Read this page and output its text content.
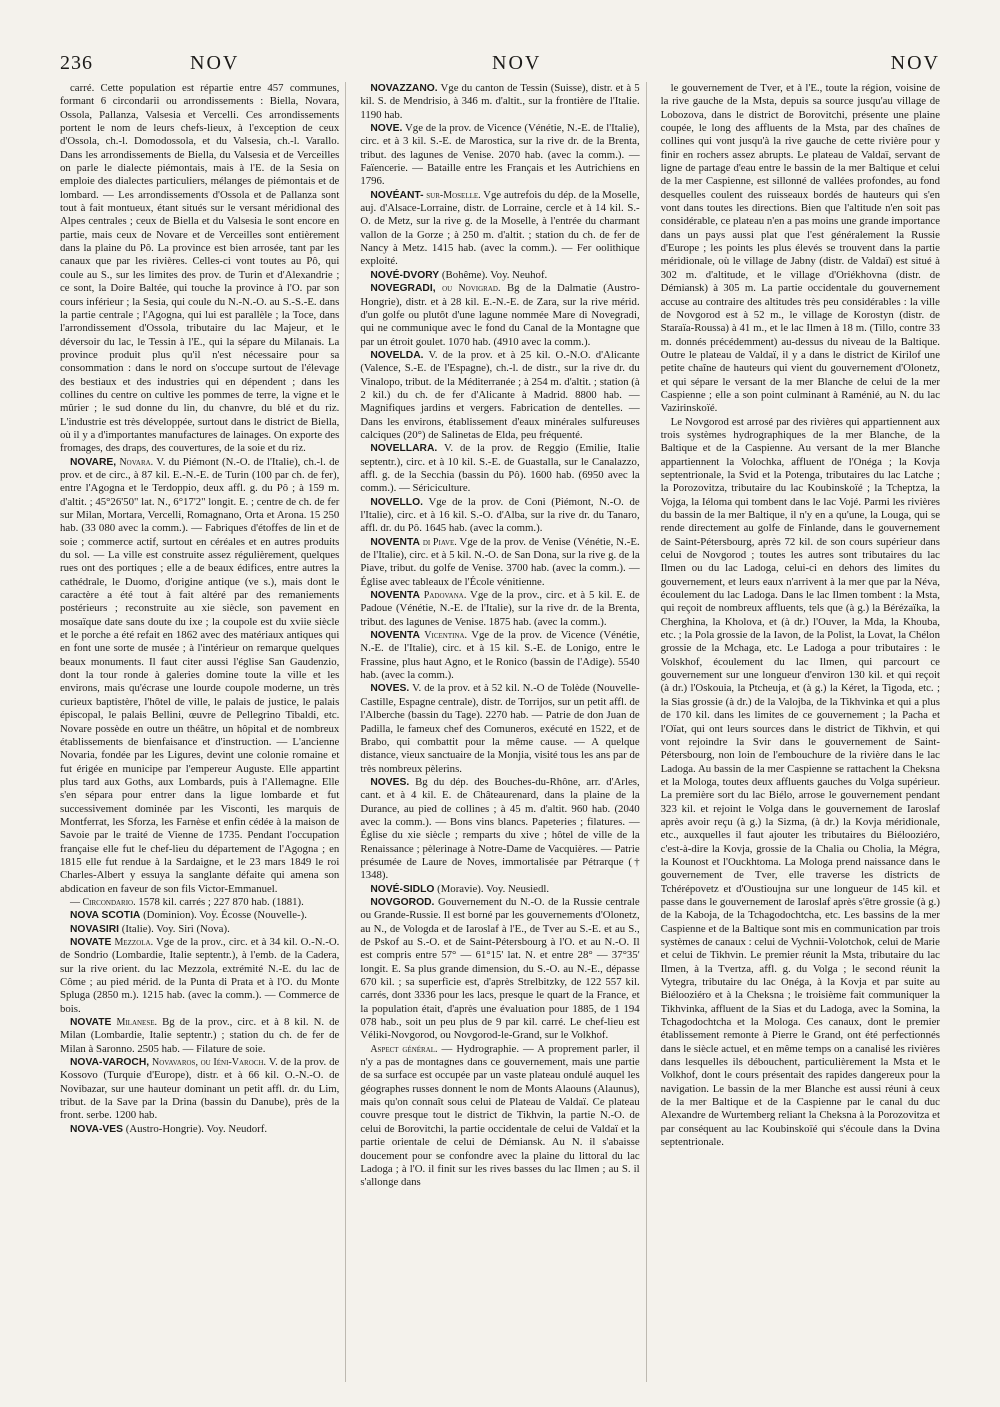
236	NOV	NOV	NOV

carré. Cette population est répartie entre 457 communes, formant 6 circondarii ou arrondissements : Biella, Novara, Ossola, Pallanza, Valsesia et Vercelli. Ces arrondissements portent le nom de leurs chefs-lieux, à l'exception de ceux d'Ossola, ch.-l. Domodossola, et du Valsesia, ch.-l. Varallo. Dans les arrondissements de Biella, du Valsesia et de Verceilles on parle le dialecte piémontais, mais à l'E. de la Sesia on emploie des dialectes particuliers, mélanges de piémontais et de lombard. — Les arrondissements d'Ossola et de Pallanza sont tout à fait montueux, étant situés sur le versant méridional des Alpes centrales ; ceux de Biella et du Valsesia le sont encore en partie, mais ceux de Novare et de Verceilles sont entièrement dans la plaine du Pô. La province est bien arrosée, tant par les canaux que par les rivières. Celles-ci vont toutes au Pô, qui coule au S., sur les limites des prov. de Turin et d'Alexandrie ; ce sont, la Doire Baltée, qui touche la province à l'O. par son cours inférieur ; la Sesia, qui coule du N.-N.-O. au S.-S.-E. dans la partie centrale ; l'Agogna, qui lui est parallèle ; la Toce, dans l'arrondissement d'Ossola, tributaire du lac Majeur, et le déversoir du lac, le Tessin à l'E., qui la sépare du Milanais. La province produit plus qu'il n'est nécessaire pour sa consommation : dans le nord on s'occupe surtout de l'élevage des bestiaux et des industries qui en dépendent ; dans les collines du centre on cultive les pommes de terre, la vigne et le mûrier ; le sud donne du lin, du chanvre, du blé et du riz. L'industrie est très développée, surtout dans le district de Biella, où il y a d'importantes manufactures de lainages. On exporte des fromages, des draps, des couvertures, de la soie et du riz.

NOVARE, Novara. V. du Piémont (N.-O. de l'Italie), ch.-l. de prov. et de circ., à 87 kil. E.-N.-E. de Turin (100 par ch. de fer), entre l'Agogna et le Terdoppio, deux affl. g. du Pô ; à 159 m. d'altit. ; 45°26'50" lat. N., 6°17'2" longit. E. ; centre de ch. de fer sur Milan, Mortara, Vercelli, Romagnano, Orta et Arona. 15 250 hab. (33 080 avec la comm.). — Fabriques d'étoffes de lin et de soie ; commerce actif, surtout en céréales et en autres produits du sol. — La ville est construite assez régulièrement, quelques rues ont des portiques ; elle a de beaux édifices, entre autres la cathédrale, le Duomo, d'origine antique (ve s.), mais dont le caractère a été tout à fait altéré par des remaniements postérieurs ; reconstruite au xie siècle, son pavement en mosaïque date sans doute du ixe ; la coupole est du xviie siècle et le porche a été refait en 1862 avec des matériaux antiques qui en font une sorte de musée ; à l'intérieur on remarque quelques beaux monuments. Il faut citer aussi l'église San Gaudenzio, dont la tour ronde à galeries domine toute la ville et les environs, mais qu'écrase une lourde coupole moderne, un très curieux baptistère, l'hôtel de ville, le palais de justice, le palais épiscopal, le palais Bellini, œuvre de Pellegrino Tibaldi, etc. Novare possède en outre un théâtre, un hôpital et de nombreux établissements de bienfaisance et d'instruction. — L'ancienne Novaria, fondée par les Ligures, devint une colonie romaine et fut érigée en municipe par l'empereur Auguste. Elle appartint plus tard aux Goths, aux Lombards, puis à l'Allemagne. Elle s'en sépara pour entrer dans la ligue lombarde et fut successivement dominée par les Visconti, les marquis de Montferrat, les Sforza, les Farnèse et enfin cédée à la maison de Savoie par le traité de Vienne de 1735. Pendant l'occupation française elle fut le chef-lieu du département de l'Agogna ; en 1815 elle fut rendue à la Sardaigne, et le 23 mars 1849 le roi Charles-Albert y essuya la sanglante défaite qui amena son abdication en faveur de son fils Victor-Emmanuel.

— Circondario. 1578 kil. carrés ; 227 870 hab. (1881).

NOVA SCOTIA (Dominion). Voy. Écosse (Nouvelle-).

NOVASIRI (Italie). Voy. Siri (Nova).

NOVATE Mezzola. Vge de la prov., circ. et à 34 kil. O.-N.-O. de Sondrio (Lombardie, Italie septentr.), à l'emb. de la Cadera, sur la rive orient. du lac Mezzola, extrémité N.-E. du lac de Côme ; au pied mérid. de la Punta di Prata et à l'O. du Monte Spluga (2850 m.). 1215 hab. (avec la comm.). — Commerce de bois.

NOVATE Milanese. Bg de la prov., circ. et à 8 kil. N. de Milan (Lombardie, Italie septentr.) ; station du ch. de fer de Milan à Saronno. 2505 hab. — Filature de soie.

NOVA-VAROCH, Novavaros, ou Iéni-Varoch. V. de la prov. de Kossovo (Turquie d'Europe), distr. et à 66 kil. O.-N.-O. de Novibazar, sur une hauteur dominant un petit affl. dr. du Lim, tribut. de la Save par la Drina (bassin du Danube), près de la front. serbe. 1200 hab.

NOVA-VES (Austro-Hongrie). Voy. Neudorf.

NOVAZZANO. Vge du canton de Tessin (Suisse), distr. et à 5 kil. S. de Mendrisio, à 346 m. d'altit., sur la frontière de l'Italie. 1190 hab.

NOVE. Vge de la prov. de Vicence (Vénétie, N.-E. de l'Italie), circ. et à 3 kil. S.-E. de Marostica, sur la rive dr. de la Brenta, tribut. des lagunes de Venise. 2070 hab. (avec la comm.). — Faïencerie. — Bataille entre les Français et les Autrichiens en 1796.

NOVÉANT- sur-Moselle. Vge autrefois du dép. de la Moselle, auj. d'Alsace-Lorraine, distr. de Lorraine, cercle et à 14 kil. S.-O. de Metz, sur la rive g. de la Moselle, à l'entrée du charmant vallon de la Gorze ; à 250 m. d'altit. ; station du ch. de fer de Nancy à Metz. 1415 hab. (avec la comm.). — Fer oolithique exploité.

NOVÉ-DVORY (Bohême). Voy. Neuhof.

NOVEGRADI, ou Novigrad. Bg de la Dalmatie (Austro-Hongrie), distr. et à 28 kil. E.-N.-E. de Zara, sur la rive mérid. d'un golfe ou plutôt d'une lagune nommée Mare di Novegradi, qui ne communique avec le fond du Canal de la Montagne que par un étroit goulet. 1070 hab. (4910 avec la comm.).

NOVELDA. V. de la prov. et à 25 kil. O.-N.O. d'Alicante (Valence, S.-E. de l'Espagne), ch.-l. de distr., sur la rive dr. du Vinalopo, tribut. de la Méditerranée ; à 254 m. d'altit. ; station (à 2 kil.) du ch. de fer d'Alicante à Madrid. 8800 hab. — Magnifiques jardins et vergers. Fabrication de dentelles. — Dans les environs, établissement d'eaux minérales sulfureuses calciques (20°) de Salinetas de Elda, peu fréquenté.

NOVELLARA. V. de la prov. de Reggio (Emilie, Italie septentr.), circ. et à 10 kil. S.-E. de Guastalla, sur le Canalazzo, affl. g. de la Secchia (bassin du Pô). 1600 hab. (6950 avec la comm.). — Sériciculture.

NOVELLO. Vge de la prov. de Coni (Piémont, N.-O. de l'Italie), circ. et à 16 kil. S.-O. d'Alba, sur la rive dr. du Tanaro, affl. dr. du Pô. 1645 hab. (avec la comm.).

NOVENTA di Piave. Vge de la prov. de Venise (Vénétie, N.-E. de l'Italie), circ. et à 5 kil. N.-O. de San Dona, sur la rive g. de la Piave, tribut. du golfe de Venise. 3700 hab. (avec la comm.). — Église avec tableaux de l'École vénitienne.

NOVENTA Padovana. Vge de la prov., circ. et à 5 kil. E. de Padoue (Vénétie, N.-E. de l'Italie), sur la rive dr. de la Brenta, tribut. des lagunes de Venise. 1875 hab. (avec la comm.).

NOVENTA Vicentina. Vge de la prov. de Vicence (Vénétie, N.-E. de l'Italie), circ. et à 15 kil. S.-E. de Lonigo, entre le Frassine, plus haut Agno, et le Ronico (bassin de l'Adige). 5540 hab. (avec la comm.).

NOVES. V. de la prov. et à 52 kil. N.-O de Tolède (Nouvelle-Castille, Espagne centrale), distr. de Torrijos, sur un petit affl. de l'Alberche (bassin du Tage). 2270 hab. — Patrie de don Juan de Padilla, le fameux chef des Comuneros, exécuté en 1522, et de Brabo, qui combattit pour la même cause. — A quelque distance, vieux sanctuaire de la Monjia, visité tous les ans par de très nombreux pèlerins.

NOVES. Bg du dép. des Bouches-du-Rhône, arr. d'Arles, cant. et à 4 kil. E. de Châteaurenard, dans la plaine de la Durance, au pied de collines ; à 45 m. d'altit. 960 hab. (2040 avec la comm.). — Bons vins blancs. Papeteries ; filatures. — Église du xie siècle ; remparts du xive ; hôtel de ville de la Renaissance ; pèlerinage à Notre-Dame de Vacquières. — Patrie présumée de Laure de Noves, immortalisée par Pétrarque († 1348).

NOVÉ-SIDLO (Moravie). Voy. Neusiedl.

NOVGOROD. Gouvernement du N.-O. de la Russie centrale ou Grande-Russie. Il est borné par les gouvernements d'Olonetz, au N., de Vologda et de Iaroslaf à l'E., de Tver au S.-E. et au S., de Pskof au S.-O. et de Saint-Pétersbourg à l'O. et au N.-O. Il est compris entre 57° — 61°15' lat. N. et entre 28° — 37°35' longit. E. Sa plus grande dimension, du S.-O. au N.-E., dépasse 670 kil. ; sa superficie est, d'après Strelbitzky, de 122 557 kil. carrés, dont 3336 pour les lacs, presque le quart de la France, et la population était, d'après une évaluation pour 1885, de 1 194 078 hab., soit un peu plus de 9 par kil. carré. Le chef-lieu est Véliki-Novgorod, ou Novgorod-le-Grand, sur le Volkhof.

Aspect général. — Hydrographie. — A proprement parler, il n'y a pas de montagnes dans ce gouvernement, mais une partie de sa surface est occupée par un vaste plateau ondulé auquel les géographes russes donnent le nom de Monts Alaouns (Alaunus), mais qu'on connaît sous celui de Plateau de Valdaï. Ce plateau couvre presque tout le district de Tikhvin, la partie N.-O. de celui de Borovitchi, la partie occidentale de celui de Valdaï et la partie orientale de celui de Démiansk. Au N. il s'abaisse doucement pour se confondre avec la plaine du littoral du lac Ladoga ; à l'O. il finit sur les rives basses du lac Ilmen ; au S. il s'allonge dans

le gouvernement de Tver, et à l'E., toute la région, voisine de la rive gauche de la Msta, depuis sa source jusqu'au village de Lobozova, dans le district de Borovitchi, présente une plaine coupée, le long des affluents de la Msta, par des chaînes de collines qui vont jusqu'à la rive gauche de cette rivière pour y finir en rochers assez abrupts. Le plateau de Valdaï, servant de ligne de partage d'eau entre le bassin de la mer Baltique et celui de la mer Caspienne, est sillonné de vallées profondes, au fond desquelles coulent des ruisseaux bordés de hauteurs qui s'en vont dans toutes les directions. Bien que l'altitude n'en soit pas considérable, ce plateau n'en a pas moins une grande importance dans un pays aussi plat que l'est généralement la Russie d'Europe ; les points les plus élevés se trouvent dans la partie méridionale, où le village de Jabny (distr. de Valdaï) est situé à 302 m. d'altitude, et le village d'Oriékhovna (distr. de Démiansk) à 305 m. La partie occidentale du gouvernement accuse au contraire des altitudes très peu considérables : la ville de Novgorod est à 52 m., le village de Korostyn (distr. de Staraïa-Roussa) à 41 m., et le lac Ilmen à 18 m. (Tillo, contre 33 m. donnés précédemment) au-dessus du niveau de la Baltique. Outre le plateau de Valdaï, il y a dans le district de Kirilof une petite chaîne de hauteurs qui vient du gouvernement d'Olonetz, et qui sépare le versant de la mer Blanche de celui de la mer Caspienne ; elle a son point culminant à Raménié, au N. du lac Vazirinskoïé.

Le Novgorod est arrosé par des rivières qui appartiennent aux trois systèmes hydrographiques de la mer Blanche, de la Baltique et de la Caspienne. Au versant de la mer Blanche appartiennent la Volochka, affluent de l'Onéga ; la Kovja septentrionale, la Svid et la Potenga, tributaires du lac Latche ; la Porozovitza, tributaire du lac Koubinskoïé ; la Tcheptza, la Vojga, la Iéloma qui tombent dans le lac Vojé. Parmi les rivières du bassin de la mer Baltique, il n'y en a qu'une, la Louga, qui se rende directement au golfe de Finlande, dans le gouvernement de Saint-Pétersbourg, après 72 kil. de son cours supérieur dans celui de Novgorod ; toutes les autres sont tributaires du lac Ilmen ou du lac Ladoga, celui-ci en dehors des limites du gouvernement, et leurs eaux n'arrivent à la mer que par la Néva, écoulement du lac Ladoga. Dans le lac Ilmen tombent : la Msta, qui reçoit de nombreux affluents, tels que (à g.) la Bérézaïka, la Cherghina, la Kholova, et (à dr.) l'Ouver, la Mda, la Khouba, etc. ; la Pola grossie de la Iavon, de la Polist, la Lovat, la Chélon grossie de la Mchaga, etc. Le Ladoga a pour tributaires : le Volskhof, écoulement du lac Ilmen, qui parcourt ce gouvernement sur une longueur d'environ 130 kil. et qui reçoit (à dr.) l'Oskouia, la Ptcheuja, et (à g.) la Kéret, la Tigoda, etc. ; la Sias grossie (à dr.) de la Valojba, de la Tikhvinka et qui a plus de 170 kil. dans les limites de ce gouvernement ; la Pacha et l'Oïat, qui ont leurs sources dans le district de Tikhvin, et qui vont rejoindre la Svir dans le gouvernement de Saint-Pétersbourg, non loin de l'embouchure de la rivière dans le lac Ladoga. Au bassin de la mer Caspienne se rattachent la Cheksna et la Mologa, toutes deux affluents gauches du Volga supérieur. La première sort du lac Biélo, arrose le gouvernement pendant 323 kil. et rejoint le Volga dans le gouvernement de Iaroslaf après avoir reçu (à g.) la Sizma, (à dr.) la Kovja méridionale, etc., auxquelles il faut ajouter les tributaires du Biélooziéro, c'est-à-dire la Kovja, grossie de la Chalia ou Cholia, la Mégra, la Kounost et l'Ouckhtoma. La Mologa prend naissance dans le gouvernement de Tver, elle traverse les districts de Tchérépovetz et d'Oustioujna sur une longueur de 145 kil. et passe dans le gouvernement de Iaroslaf après s'être grossie (à g.) de la Kaboja, de la Tchagodochtcha, etc. Les bassins de la mer Caspienne et de la Baltique sont mis en communication par trois systèmes de canaux : celui de Vychnii-Volotchok, celui de Marie et celui de Tikhvin. Le premier réunit la Msta, tributaire du lac Ilmen, à la Tvertza, affl. g. du Volga ; le second réunit la Vytegra, tributaire du lac Onéga, à la Kovja et par suite au Biélooziéro et à la Cheksna ; le troisième fait communiquer la Tikhvinka, affluent de la Sias et du Ladoga, avec la Somina, la Tchagodochtcha et la Mologa. Ces canaux, dont le premier établissement remonte à Pierre le Grand, ont été perfectionnés dans le siècle actuel, et en même temps on a canalisé les rivières dans lesquelles ils débouchent, particulièrement la Msta et le Volkhof, dont le cours présentait des rapides dangereux pour la navigation. Le bassin de la mer Blanche est aussi réuni à ceux de la mer Baltique et de la Caspienne par le canal du duc Alexandre de Wurtemberg reliant la Cheksna à la Porozovitza et par conséquent au lac Koubinskoïé qui s'écoule dans la Dvina septentrionale.
